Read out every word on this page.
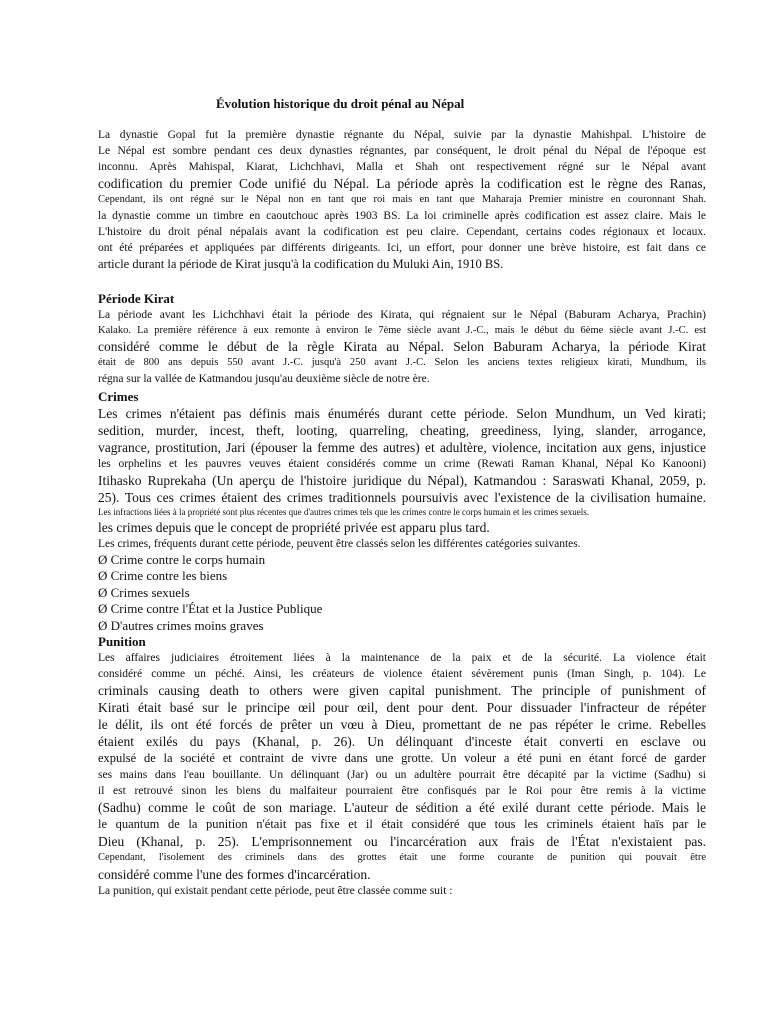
Évolution historique du droit pénal au Népal
La dynastie Gopal fut la première dynastie régnante du Népal, suivie par la dynastie Mahishpal. L'histoire de
Le Népal est sombre pendant ces deux dynasties régnantes, par conséquent, le droit pénal du Népal de l'époque est
inconnu. Après Mahispal, Kiarat, Lichchhavi, Malla et Shah ont respectivement régné sur le Népal avant
codification du premier Code unifié du Népal. La période après la codification est le règne des Ranas,
Cependant, ils ont régné sur le Népal non en tant que roi mais en tant que Maharaja Premier ministre en couronnant Shah.
la dynastie comme un timbre en caoutchouc après 1903 BS. La loi criminelle après codification est assez claire. Mais le
L'histoire du droit pénal népalais avant la codification est peu claire. Cependant, certains codes régionaux et locaux.
ont été préparées et appliquées par différents dirigeants. Ici, un effort, pour donner une brève histoire, est fait dans ce
article durant la période de Kirat jusqu'à la codification du Muluki Ain, 1910 BS.
Période Kirat
La période avant les Lichchhavi était la période des Kirata, qui régnaient sur le Népal (Baburam Acharya, Prachin)
Kalako. La première référence à eux remonte à environ le 7ème siècle avant J.-C., mais le début du 6ème siècle avant J.-C. est
considéré comme le début de la règle Kirata au Népal. Selon Baburam Acharya, la période Kirat
était de 800 ans depuis 550 avant J.-C. jusqu'à 250 avant J.-C. Selon les anciens textes religieux kirati, Mundhum, ils
régna sur la vallée de Katmandou jusqu'au deuxième siècle de notre ère.
Crimes
Les crimes n'étaient pas définis mais énumérés durant cette période. Selon Mundhum, un Ved kirati;
sedition, murder, incest, theft, looting, quarreling, cheating, greediness, lying, slander, arrogance,
vagrance, prostitution, Jari (épouser la femme des autres) et adultère, violence, incitation aux gens, injustice
les orphelins et les pauvres veuves étaient considérés comme un crime (Rewati Raman Khanal, Népal Ko Kanooni)
Itihasko Ruprekaha (Un aperçu de l'histoire juridique du Népal), Katmandou : Saraswati Khanal, 2059, p.
25). Tous ces crimes étaient des crimes traditionnels poursuivis avec l'existence de la civilisation humaine.
Les infractions liées à la propriété sont plus récentes que d'autres crimes tels que les crimes contre le corps humain et les crimes sexuels.
les crimes depuis que le concept de propriété privée est apparu plus tard.
Les crimes, fréquents durant cette période, peuvent être classés selon les différentes catégories suivantes.
Ø Crime contre le corps humain
Ø Crime contre les biens
Ø Crimes sexuels
Ø Crime contre l'État et la Justice Publique
Ø D'autres crimes moins graves
Punition
Les affaires judiciaires étroitement liées à la maintenance de la paix et de la sécurité. La violence était
considéré comme un péché. Ainsi, les créateurs de violence étaient sévèrement punis (Iman Singh, p. 104). Le
criminals causing death to others were given capital punishment. The principle of punishment of
Kirati était basé sur le principe œil pour œil, dent pour dent. Pour dissuader l'infracteur de répéter
le délit, ils ont été forcés de prêter un vœu à Dieu, promettant de ne pas répéter le crime. Rebelles
étaient exilés du pays (Khanal, p. 26). Un délinquant d'inceste était converti en esclave ou
expulsé de la société et contraint de vivre dans une grotte. Un voleur a été puni en étant forcé de garder
ses mains dans l'eau bouillante. Un délinquant (Jar) ou un adultère pourrait être décapité par la victime (Sadhu) si
il est retrouvé sinon les biens du malfaiteur pourraient être confisqués par le Roi pour être remis à la victime
(Sadhu) comme le coût de son mariage. L'auteur de sédition a été exilé durant cette période. Mais le
le quantum de la punition n'était pas fixe et il était considéré que tous les criminels étaient haïs par le
Dieu (Khanal, p. 25). L'emprisonnement ou l'incarcération aux frais de l'État n'existaient pas.
Cependant, l'isolement des criminels dans des grottes était une forme courante de punition qui pouvait être
considéré comme l'une des formes d'incarcération.
La punition, qui existait pendant cette période, peut être classée comme suit :
